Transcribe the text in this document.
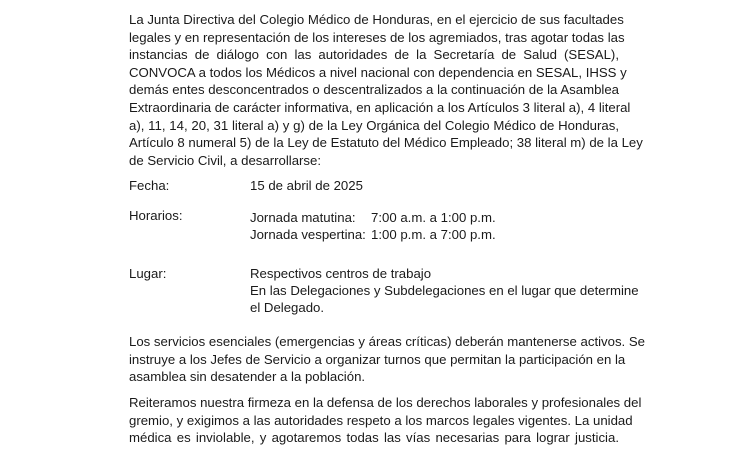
La Junta Directiva del Colegio Médico de Honduras, en el ejercicio de sus facultades
legales y en representación de los intereses de los agremiados, tras agotar todas las
instancias de diálogo con las autoridades de la Secretaría de Salud (SESAL),
CONVOCA a todos los Médicos a nivel nacional con dependencia en SESAL, IHSS y
demás entes desconcentrados o descentralizados a la continuación de la Asamblea
Extraordinaria de carácter informativa, en aplicación a los Artículos 3 literal a), 4 literal
a), 11, 14, 20, 31 literal a) y g) de la Ley Orgánica del Colegio Médico de Honduras,
Artículo 8 numeral 5) de la Ley de Estatuto del Médico Empleado; 38 literal m) de la Ley
de Servicio Civil, a desarrollarse:
Fecha:	15 de abril de 2025
Horarios:	Jornada matutina: 7:00 a.m. a 1:00 p.m.
Jornada vespertina: 1:00 p.m. a 7:00 p.m.
Lugar:	Respectivos centros de trabajo
En las Delegaciones y Subdelegaciones en el lugar que determine
el Delegado.
Los servicios esenciales (emergencias y áreas críticas) deberán mantenerse activos. Se
instruye a los Jefes de Servicio a organizar turnos que permitan la participación en la
asamblea sin desatender a la población.
Reiteramos nuestra firmeza en la defensa de los derechos laborales y profesionales del
gremio, y exigimos a las autoridades respeto a los marcos legales vigentes. La unidad
médica es inviolable, y agotaremos todas las vías necesarias para lograr justicia.
